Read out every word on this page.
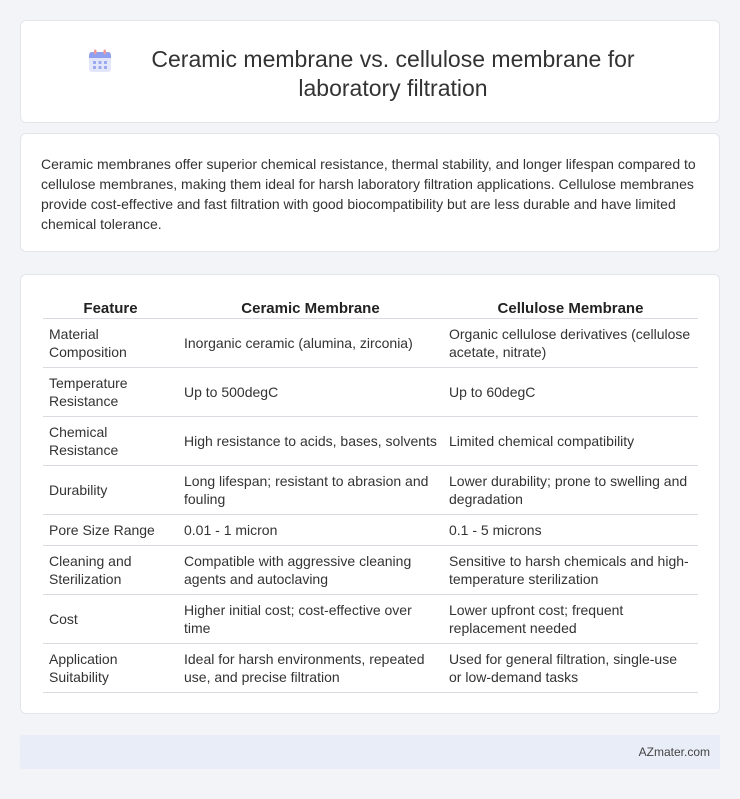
Ceramic membrane vs. cellulose membrane for laboratory filtration

Ceramic membranes offer superior chemical resistance, thermal stability, and longer lifespan compared to cellulose membranes, making them ideal for harsh laboratory filtration applications. Cellulose membranes provide cost-effective and fast filtration with good biocompatibility but are less durable and have limited chemical tolerance.

Feature	Ceramic Membrane	Cellulose Membrane
Material Composition	Inorganic ceramic (alumina, zirconia)	Organic cellulose derivatives (cellulose acetate, nitrate)
Temperature Resistance	Up to 500degC	Up to 60degC
Chemical Resistance	High resistance to acids, bases, solvents	Limited chemical compatibility
Durability	Long lifespan; resistant to abrasion and fouling	Lower durability; prone to swelling and degradation
Pore Size Range	0.01 - 1 micron	0.1 - 5 microns
Cleaning and Sterilization	Compatible with aggressive cleaning agents and autoclaving	Sensitive to harsh chemicals and high-temperature sterilization
Cost	Higher initial cost; cost-effective over time	Lower upfront cost; frequent replacement needed
Application Suitability	Ideal for harsh environments, repeated use, and precise filtration	Used for general filtration, single-use or low-demand tasks
AZmater.com
